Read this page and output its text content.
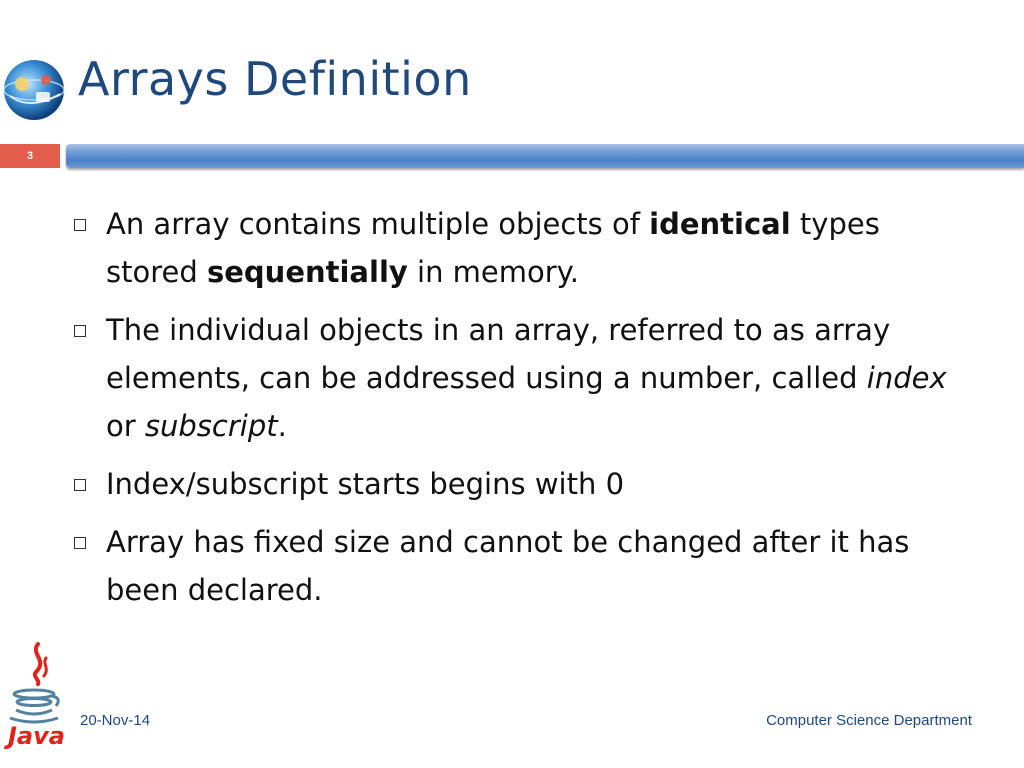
Arrays Definition
3
An array contains multiple objects of identical types stored sequentially in memory.
The individual objects in an array, referred to as array elements, can be addressed using a number, called index or subscript.
Index/subscript starts begins with 0
Array has fixed size and cannot be changed after it has been declared.
Java
20-Nov-14	Computer Science Department
